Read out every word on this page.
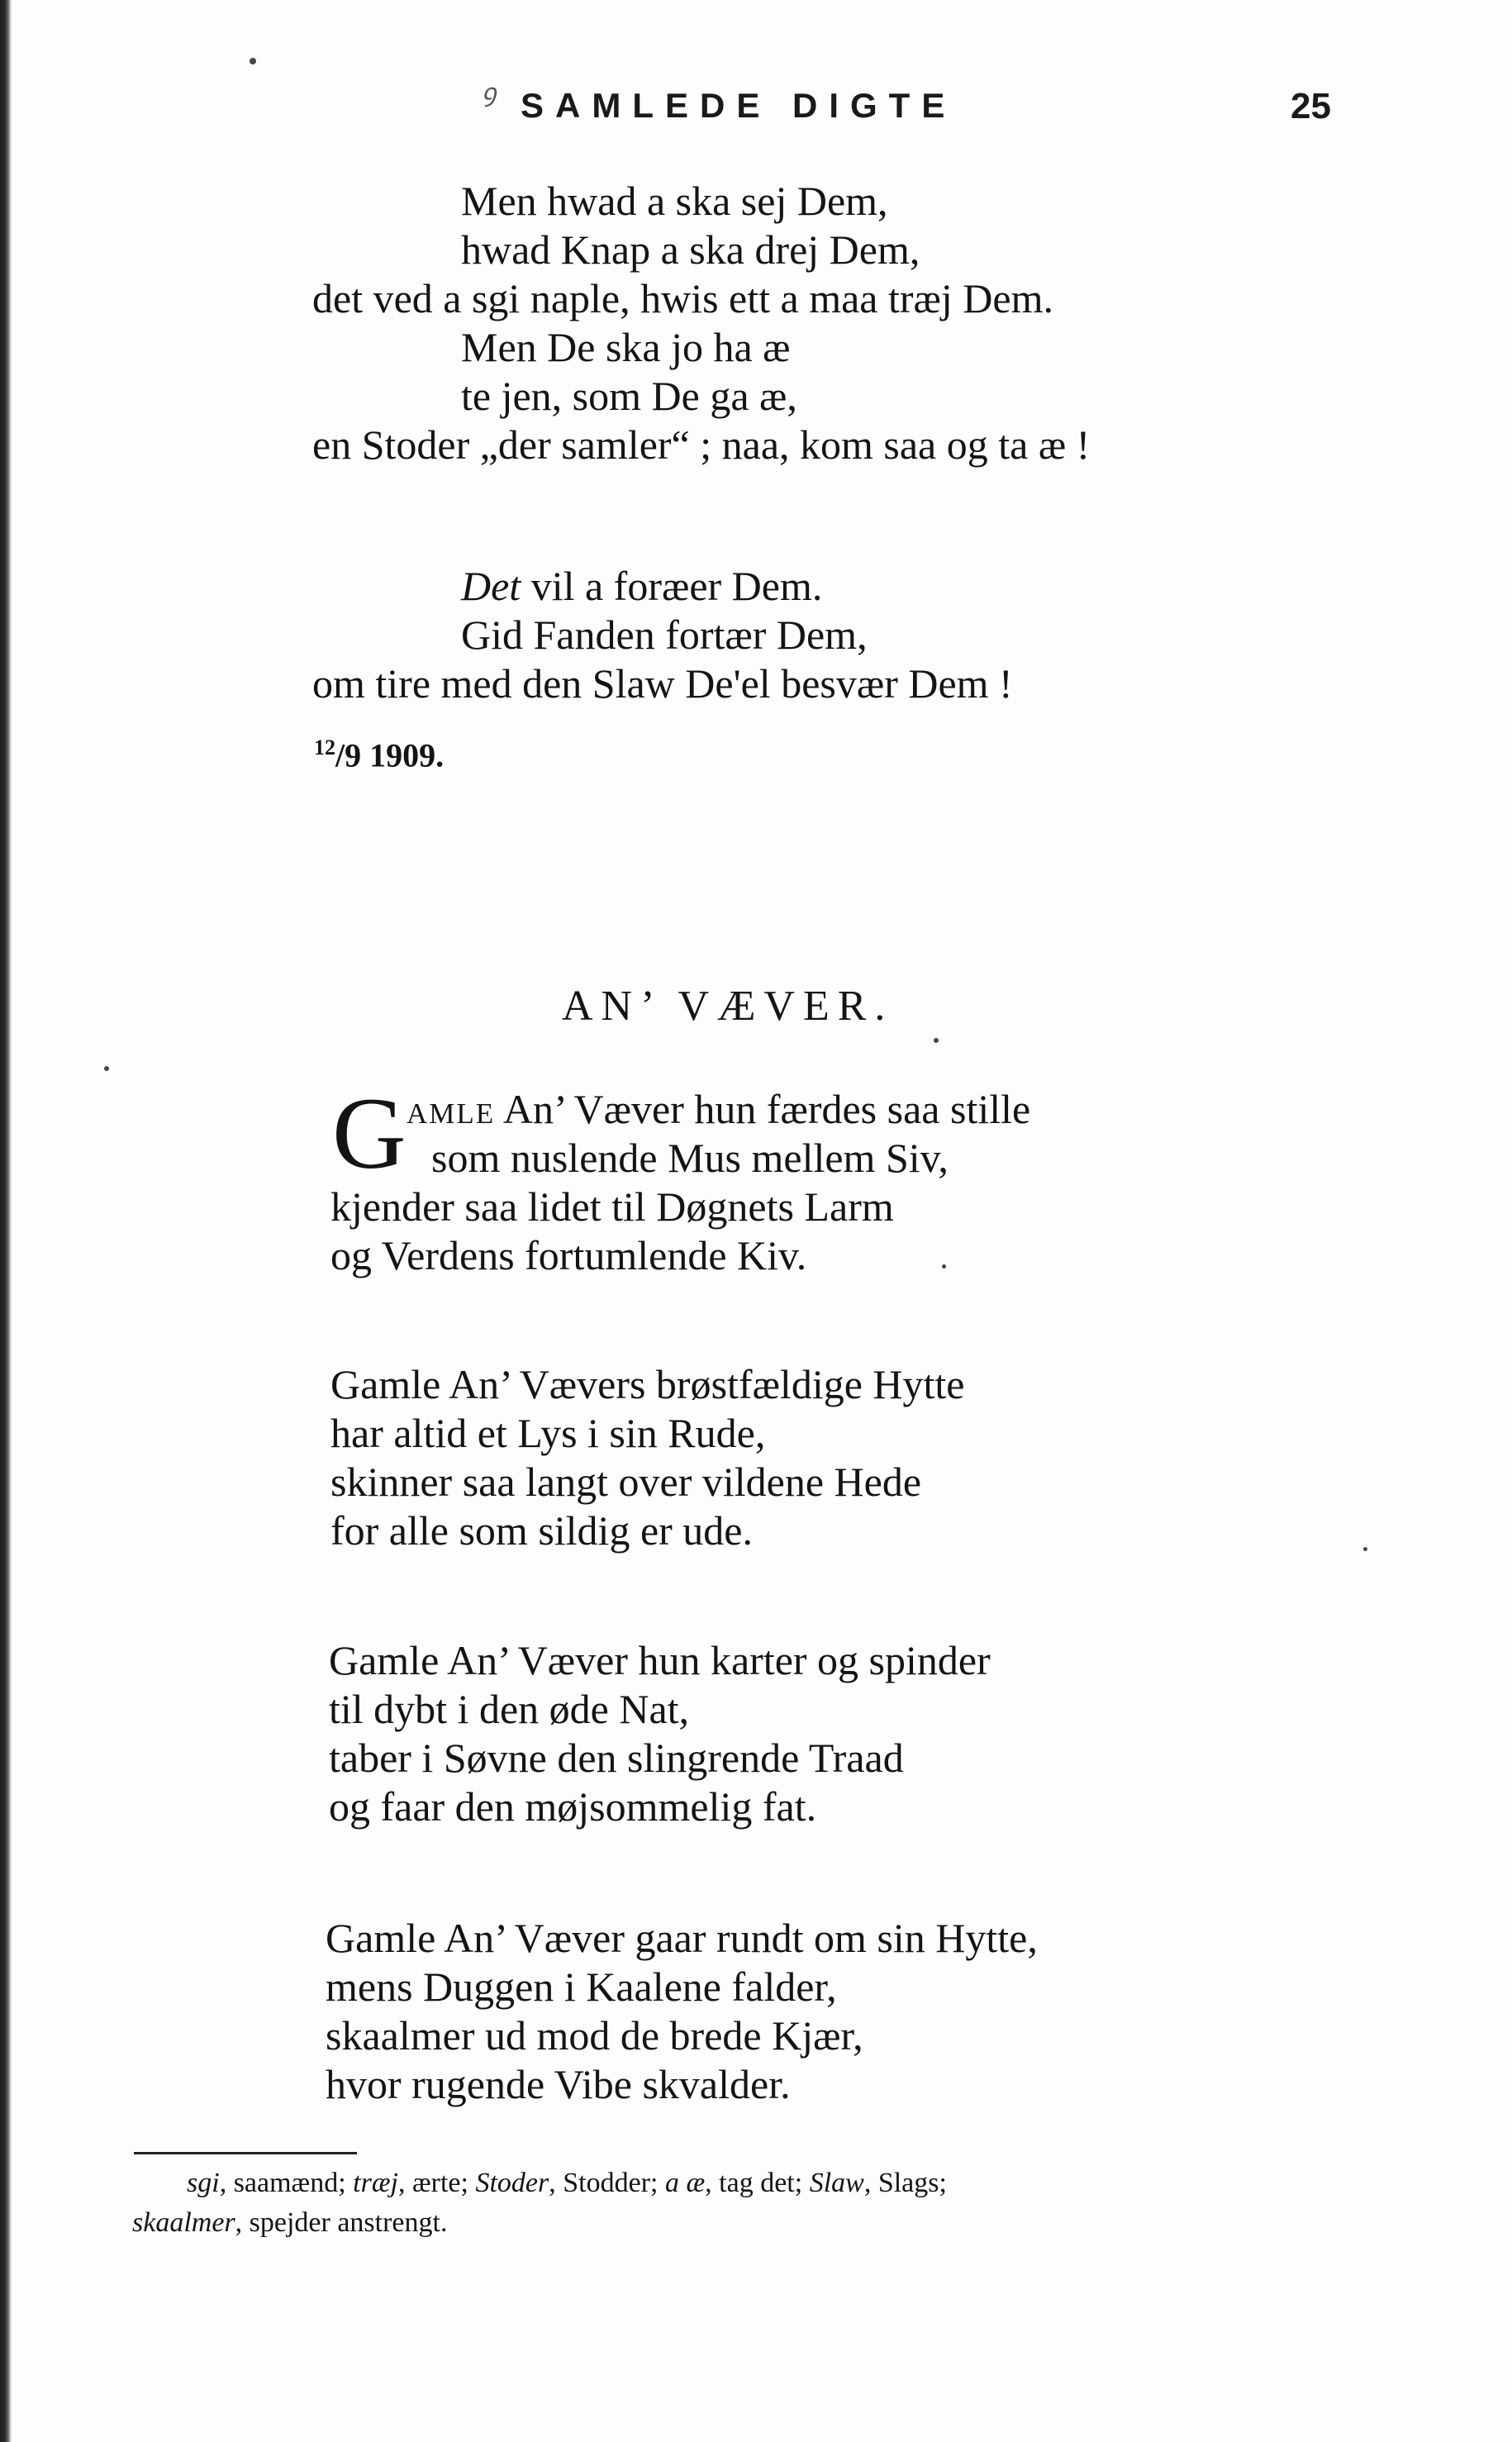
ꝯ SAMLEDE DIGTE	25
Men hwad a ska sej Dem,
hwad Knap a ska drej Dem,
det ved a sgi naple, hwis ett a maa træj Dem.
Men De ska jo ha æ
te jen, som De ga æ,
en Stoder „der samler“ ; naa, kom saa og ta æ !
Det vil a foræer Dem.
Gid Fanden fortær Dem,
om tire med den Slaw De'el besvær Dem !
$^{12}$/9 1909.
AN’ VÆVER.
G amle An’ Væver hun færdes saa stille
som nuslende Mus mellem Siv,
kjender saa lidet til Døgnets Larm
og Verdens fortumlende Kiv.
Gamle An’ Vævers brøstfældige Hytte
har altid et Lys i sin Rude,
skinner saa langt over vildene Hede
for alle som sildig er ude.
Gamle An’ Væver hun karter og spinder
til dybt i den øde Nat,
taber i Søvne den slingrende Traad
og faar den møjsommelig fat.
Gamle An’ Væver gaar rundt om sin Hytte,
mens Duggen i Kaalene falder,
skaalmer ud mod de brede Kjær,
hvor rugende Vibe skvalder.

sgi, saamænd; træj, ærte; Stoder, Stodder; a æ, tag det; Slaw, Slags;

skaalmer, spejder anstrengt.
